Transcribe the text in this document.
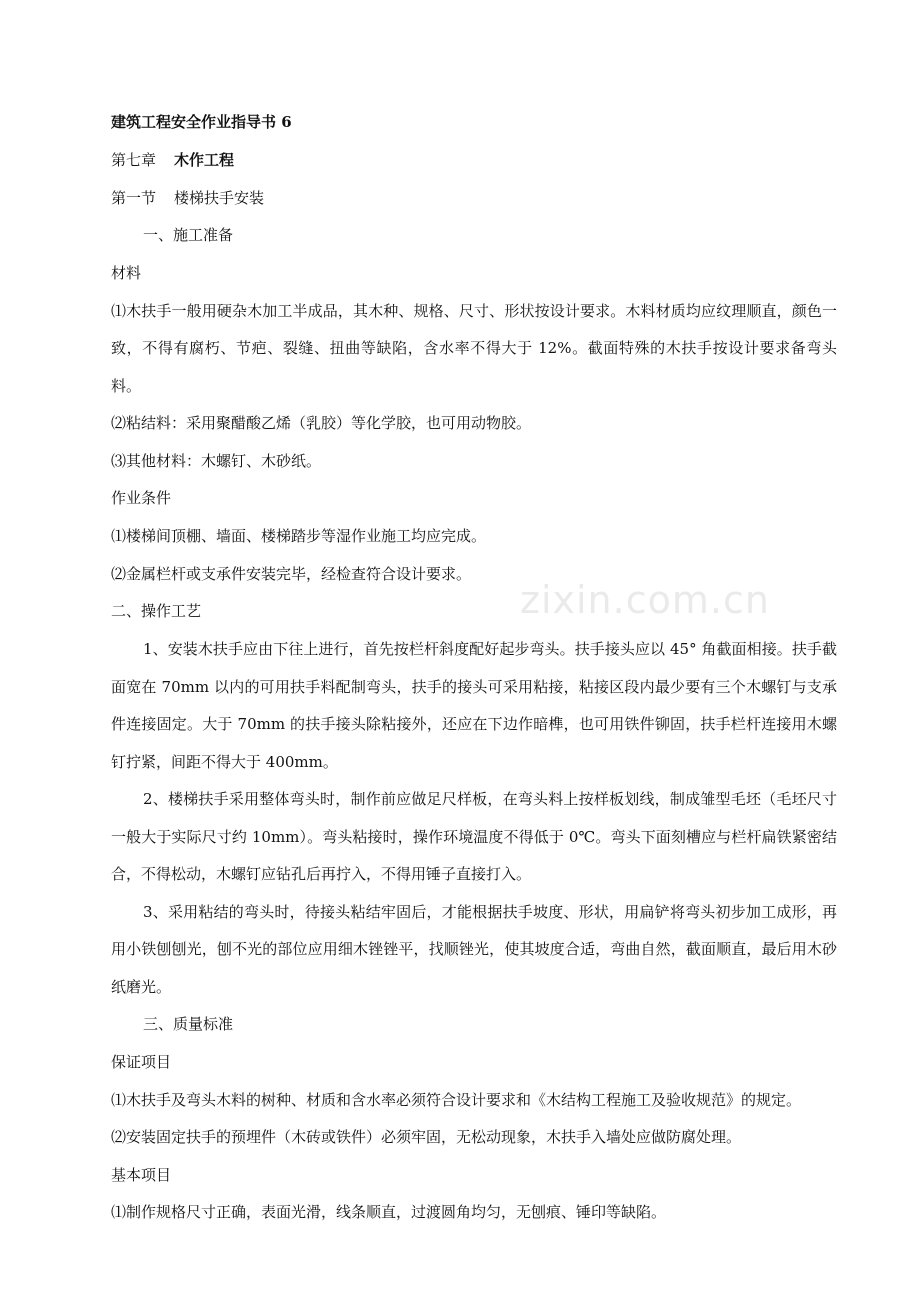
zixin.com.cn

建筑工程安全作业指导书 6

第七章 木作工程

第一节 楼梯扶手安装

一、施工准备

材料

⑴木扶手一般用硬杂木加工半成品，其木种、规格、尺寸、形状按设计要求。木料材质均应纹理顺直，颜色一致，不得有腐朽、节疤、裂缝、扭曲等缺陷，含水率不得大于 12%。截面特殊的木扶手按设计要求备弯头料。

⑵粘结料：采用聚醋酸乙烯（乳胶）等化学胶，也可用动物胶。

⑶其他材料：木螺钉、木砂纸。

作业条件

⑴楼梯间顶棚、墙面、楼梯踏步等湿作业施工均应完成。

⑵金属栏杆或支承件安装完毕，经检查符合设计要求。

二、操作工艺

1、安装木扶手应由下往上进行，首先按栏杆斜度配好起步弯头。扶手接头应以 45° 角截面相接。扶手截面宽在 70mm 以内的可用扶手料配制弯头，扶手的接头可采用粘接，粘接区段内最少要有三个木螺钉与支承件连接固定。大于 70mm 的扶手接头除粘接外，还应在下边作暗榫，也可用铁件铆固，扶手栏杆连接用木螺钉拧紧，间距不得大于 400mm。

2、楼梯扶手采用整体弯头时，制作前应做足尺样板，在弯头料上按样板划线，制成雏型毛坯（毛坯尺寸一般大于实际尺寸约 10mm）。弯头粘接时，操作环境温度不得低于 0℃。弯头下面刻槽应与栏杆扁铁紧密结合，不得松动，木螺钉应钻孔后再拧入，不得用锤子直接打入。

3、采用粘结的弯头时，待接头粘结牢固后，才能根据扶手坡度、形状，用扁铲将弯头初步加工成形，再用小铁刨刨光，刨不光的部位应用细木锉锉平，找顺锉光，使其坡度合适，弯曲自然，截面顺直，最后用木砂纸磨光。

三、质量标准

保证项目

⑴木扶手及弯头木料的树种、材质和含水率必须符合设计要求和《木结构工程施工及验收规范》的规定。

⑵安装固定扶手的预埋件（木砖或铁件）必须牢固，无松动现象，木扶手入墙处应做防腐处理。

基本项目

⑴制作规格尺寸正确，表面光滑，线条顺直，过渡圆角均匀，无刨痕、锤印等缺陷。
